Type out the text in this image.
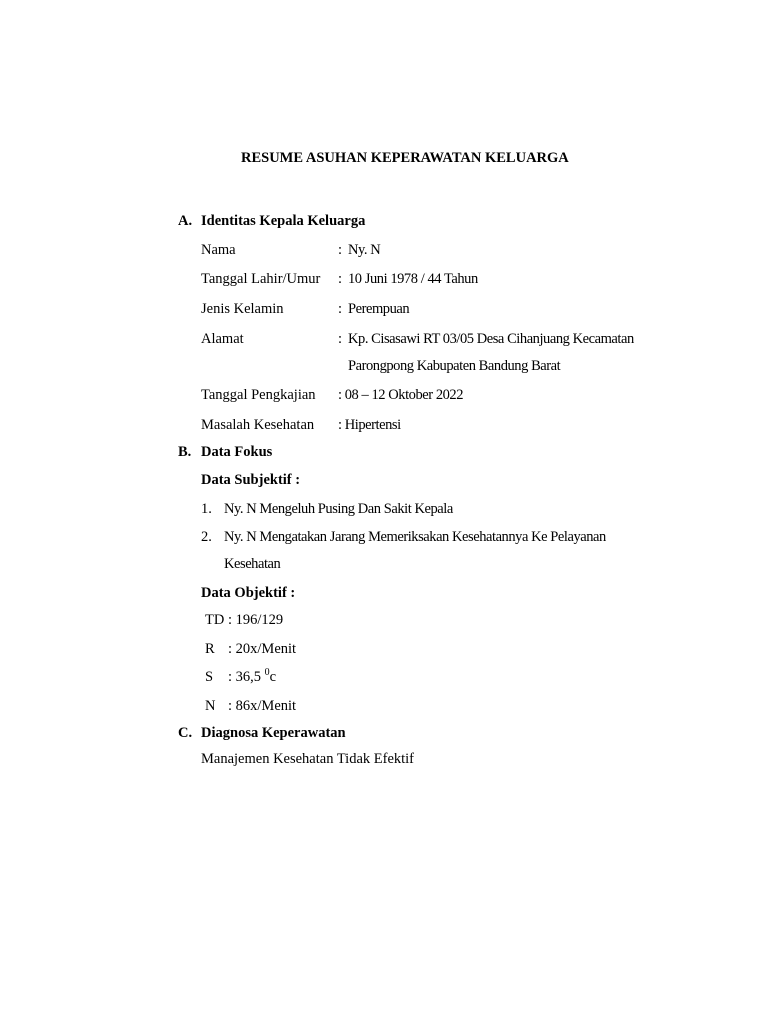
RESUME ASUHAN KEPERAWATAN KELUARGA
A. Identitas Kepala Keluarga
Nama	: Ny. N
Tanggal Lahir/Umur : 10 Juni 1978 / 44 Tahun
Jenis Kelamin	: Perempuan
Alamat	: Kp. Cisasawi RT 03/05 Desa Cihanjuang Kecamatan
Parongpong Kabupaten Bandung Barat
Tanggal Pengkajian : 08 – 12 Oktober 2022
Masalah Kesehatan : Hipertensi
B. Data Fokus
Data Subjektif :
1. Ny. N Mengeluh Pusing Dan Sakit Kepala
2. Ny. N Mengatakan Jarang Memeriksakan Kesehatannya Ke Pelayanan
Kesehatan
Data Objektif :
TD : 196/129
R : 20x/Menit
S : 36,5 $^0$c
N : 86x/Menit
C. Diagnosa Keperawatan
Manajemen Kesehatan Tidak Efektif
